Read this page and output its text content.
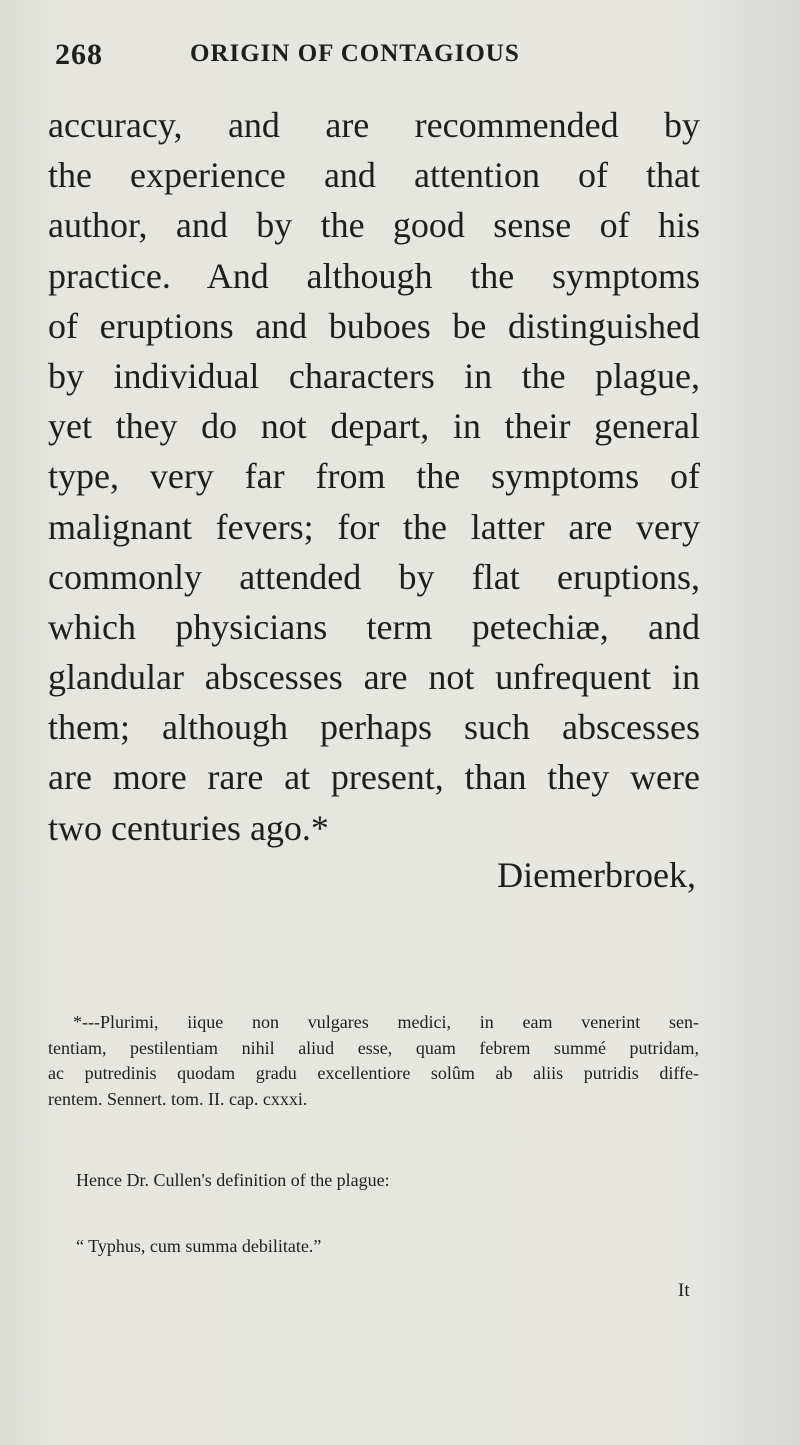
268	ORIGIN OF CONTAGIOUS
accuracy, and are recommended by
the experience and attention of that
author, and by the good sense of his
practice. And although the symptoms
of eruptions and buboes be distinguished
by individual characters in the plague,
yet they do not depart, in their general
type, very far from the symptoms of
malignant fevers; for the latter are very
commonly attended by flat eruptions,
which physicians term petechiæ, and
glandular abscesses are not unfrequent in
them; although perhaps such abscesses
are more rare at present, than they were
two centuries ago.*
Diemerbroek,
*---Plurimi, iique non vulgares medici, in eam venerint sen-
tentiam, pestilentiam nihil aliud esse, quam febrem summé putridam,
ac putredinis quodam gradu excellentiore solûm ab aliis putridis diffe-
rentem. Sennert. tom. II. cap. cxxxi.
Hence Dr. Cullen's definition of the plague:
“ Typhus, cum summa debilitate.”
It
